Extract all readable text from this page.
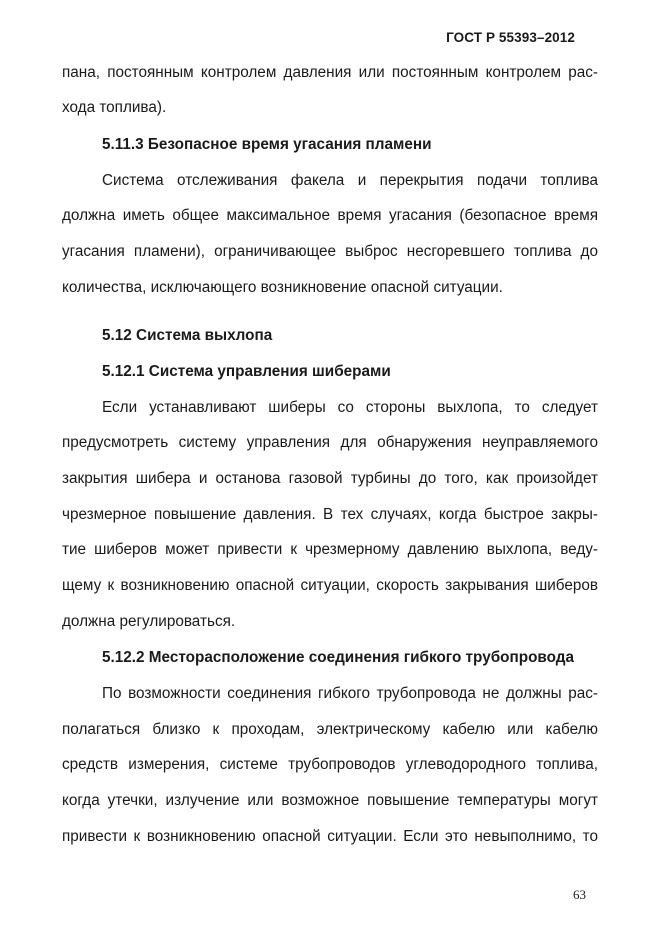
ГОСТ Р 55393–2012
пана, постоянным контролем давления или постоянным контролем рас-
хода топлива).
5.11.3 Безопасное время угасания пламени
Система отслеживания факела и перекрытия подачи топлива
должна иметь общее максимальное время угасания (безопасное время
угасания пламени), ограничивающее выброс несгоревшего топлива до
количества, исключающего возникновение опасной ситуации.
5.12 Система выхлопа
5.12.1 Система управления шиберами
Если устанавливают шиберы со стороны выхлопа, то следует
предусмотреть систему управления для обнаружения неуправляемого
закрытия шибера и останова газовой турбины до того, как произойдет
чрезмерное повышение давления. В тех случаях, когда быстрое закры-
тие шиберов может привести к чрезмерному давлению выхлопа, веду-
щему к возникновению опасной ситуации, скорость закрывания шиберов
должна регулироваться.
5.12.2 Месторасположение соединения гибкого трубопровода
По возможности соединения гибкого трубопровода не должны рас-
полагаться близко к проходам, электрическому кабелю или кабелю
средств измерения, системе трубопроводов углеводородного топлива,
когда утечки, излучение или возможное повышение температуры могут
привести к возникновению опасной ситуации. Если это невыполнимо, то
63
